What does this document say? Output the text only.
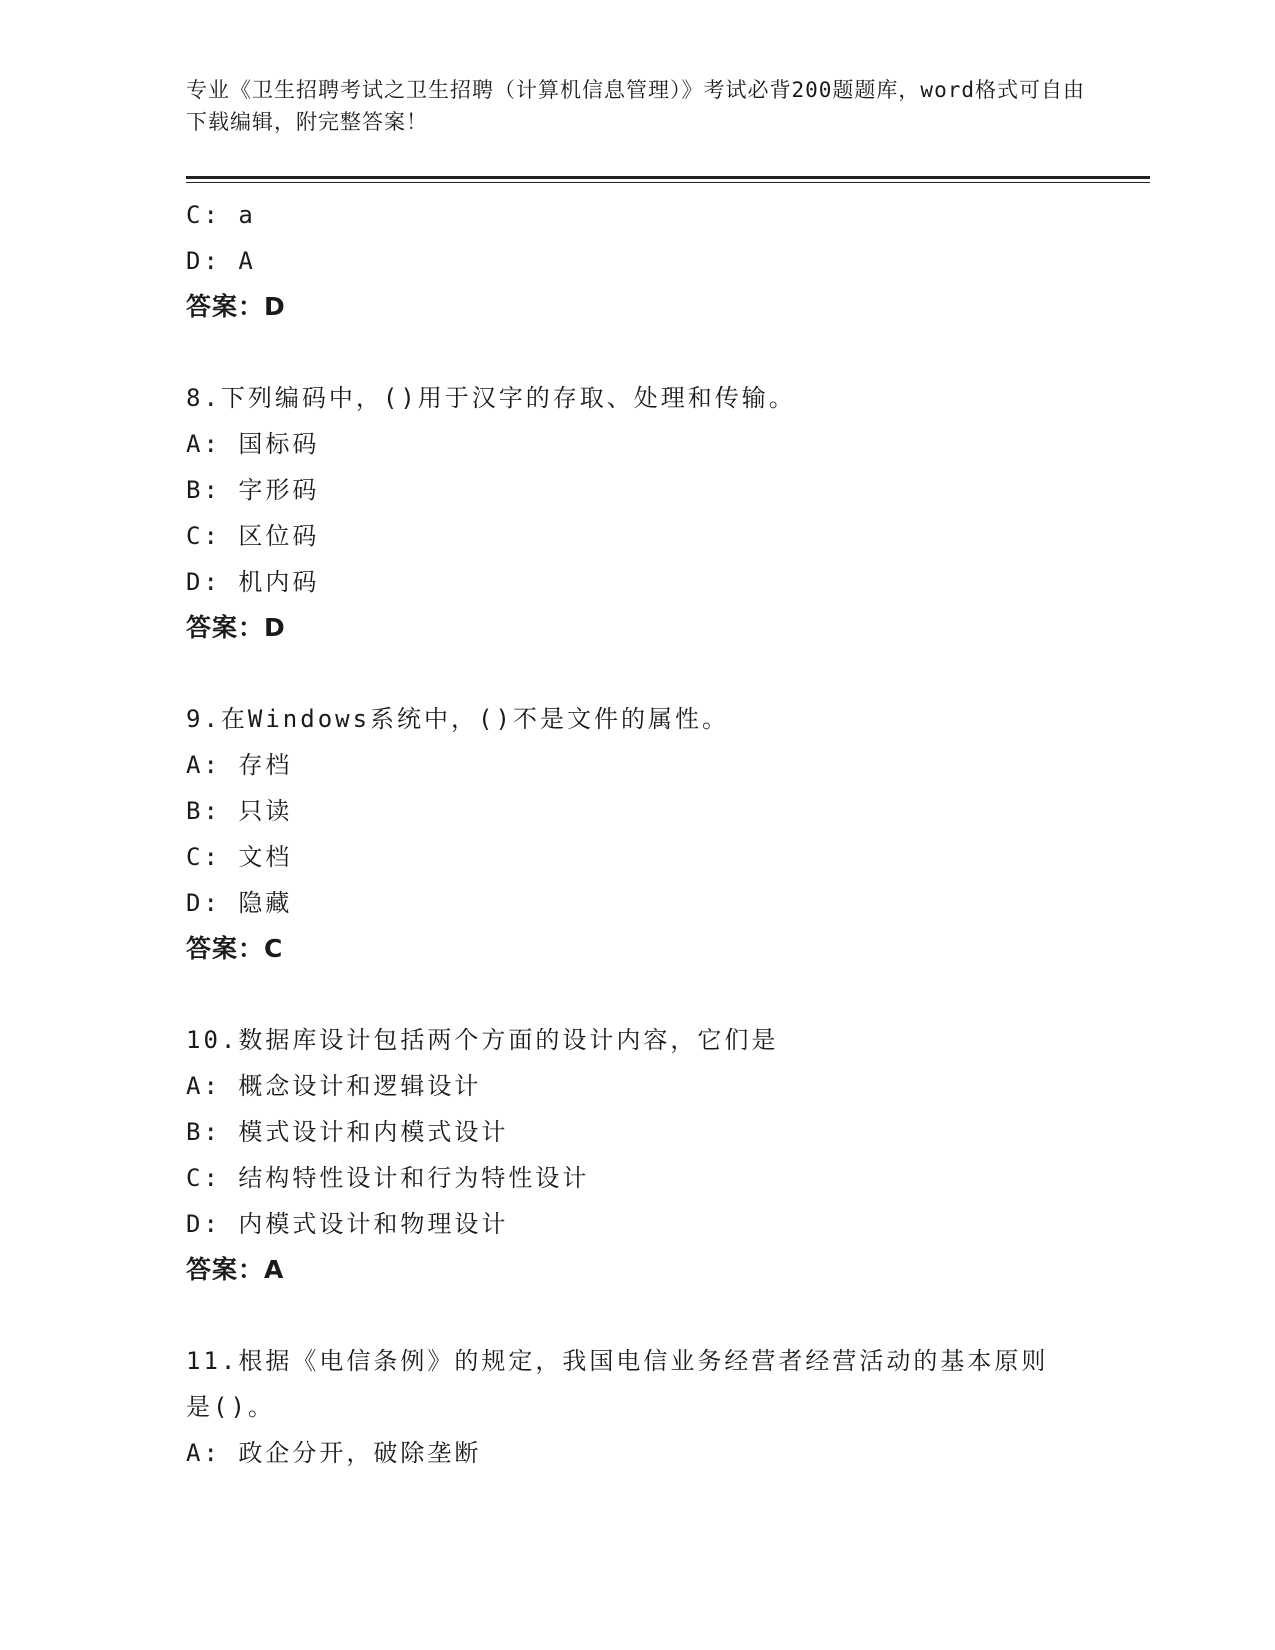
专业《卫生招聘考试之卫生招聘（计算机信息管理）》考试必背200题题库，word格式可自由下载编辑，附完整答案！
C: a
D: A
答案：D
8.下列编码中，()用于汉字的存取、处理和传输。
A: 国标码
B: 字形码
C: 区位码
D: 机内码
答案：D
9.在Windows系统中，()不是文件的属性。
A: 存档
B: 只读
C: 文档
D: 隐藏
答案：C
10.数据库设计包括两个方面的设计内容，它们是
A: 概念设计和逻辑设计
B: 模式设计和内模式设计
C: 结构特性设计和行为特性设计
D: 内模式设计和物理设计
答案：A
11.根据《电信条例》的规定，我国电信业务经营者经营活动的基本原则是()。
A: 政企分开，破除垄断
